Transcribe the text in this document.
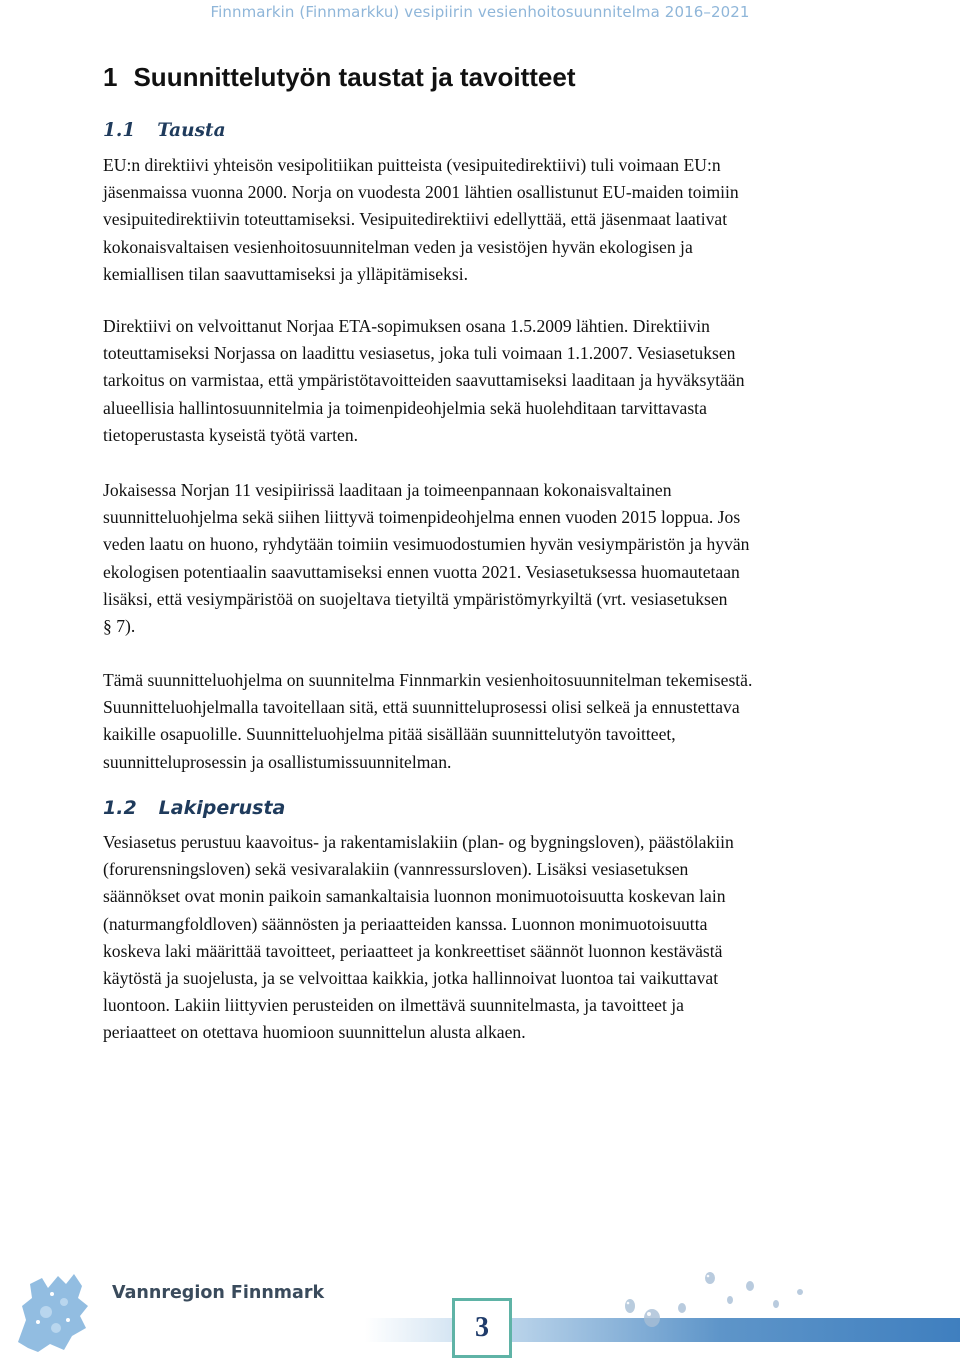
Finnmarkin (Finnmarkku) vesipiirin vesienhoitosuunnitelma 2016–2021
1 Suunnittelutyön taustat ja tavoitteet
1.1 Tausta
EU:n direktiivi yhteisön vesipolitiikan puitteista (vesipuitedirektiivi) tuli voimaan EU:n
jäsenmaissa vuonna 2000. Norja on vuodesta 2001 lähtien osallistunut EU-maiden toimiin
vesipuitedirektiivin toteuttamiseksi. Vesipuitedirektiivi edellyttää, että jäsenmaat laativat
kokonaisvaltaisen vesienhoitosuunnitelman veden ja vesistöjen hyvän ekologisen ja
kemiallisen tilan saavuttamiseksi ja ylläpitämiseksi.
Direktiivi on velvoittanut Norjaa ETA-sopimuksen osana 1.5.2009 lähtien. Direktiivin
toteuttamiseksi Norjassa on laadittu vesiasetus, joka tuli voimaan 1.1.2007. Vesiasetuksen
tarkoitus on varmistaa, että ympäristötavoitteiden saavuttamiseksi laaditaan ja hyväksytään
alueellisia hallintosuunnitelmia ja toimenpideohjelmia sekä huolehditaan tarvittavasta
tietoperustasta kyseistä työtä varten.
Jokaisessa Norjan 11 vesipiirissä laaditaan ja toimeenpannaan kokonaisvaltainen
suunnitteluohjelma sekä siihen liittyvä toimenpideohjelma ennen vuoden 2015 loppua. Jos
veden laatu on huono, ryhdytään toimiin vesimuodostumien hyvän vesiympäristön ja hyvän
ekologisen potentiaalin saavuttamiseksi ennen vuotta 2021. Vesiasetuksessa huomautetaan
lisäksi, että vesiympäristöä on suojeltava tietyiltä ympäristömyrkyiltä (vrt. vesiasetuksen
§ 7).
Tämä suunnitteluohjelma on suunnitelma Finnmarkin vesienhoitosuunnitelman tekemisestä.
Suunnitteluohjelmalla tavoitellaan sitä, että suunnitteluprosessi olisi selkeä ja ennustettava
kaikille osapuolille. Suunnitteluohjelma pitää sisällään suunnittelutyön tavoitteet,
suunnitteluprosessin ja osallistumissuunnitelman.
1.2 Lakiperusta
Vesiasetus perustuu kaavoitus- ja rakentamislakiin (plan- og bygningsloven), päästölakiin
(forurensningsloven) sekä vesivaralakiin (vannressursloven). Lisäksi vesiasetuksen
säännökset ovat monin paikoin samankaltaisia luonnon monimuotoisuutta koskevan lain
(naturmangfoldloven) säännösten ja periaatteiden kanssa. Luonnon monimuotoisuutta
koskeva laki määrittää tavoitteet, periaatteet ja konkreettiset säännöt luonnon kestävästä
käytöstä ja suojelusta, ja se velvoittaa kaikkia, jotka hallinnoivat luontoa tai vaikuttavat
luontoon. Lakiin liittyvien perusteiden on ilmettävä suunnitelmasta, ja tavoitteet ja
periaatteet on otettava huomioon suunnittelun alusta alkaen.
Vannregion Finnmark
3
